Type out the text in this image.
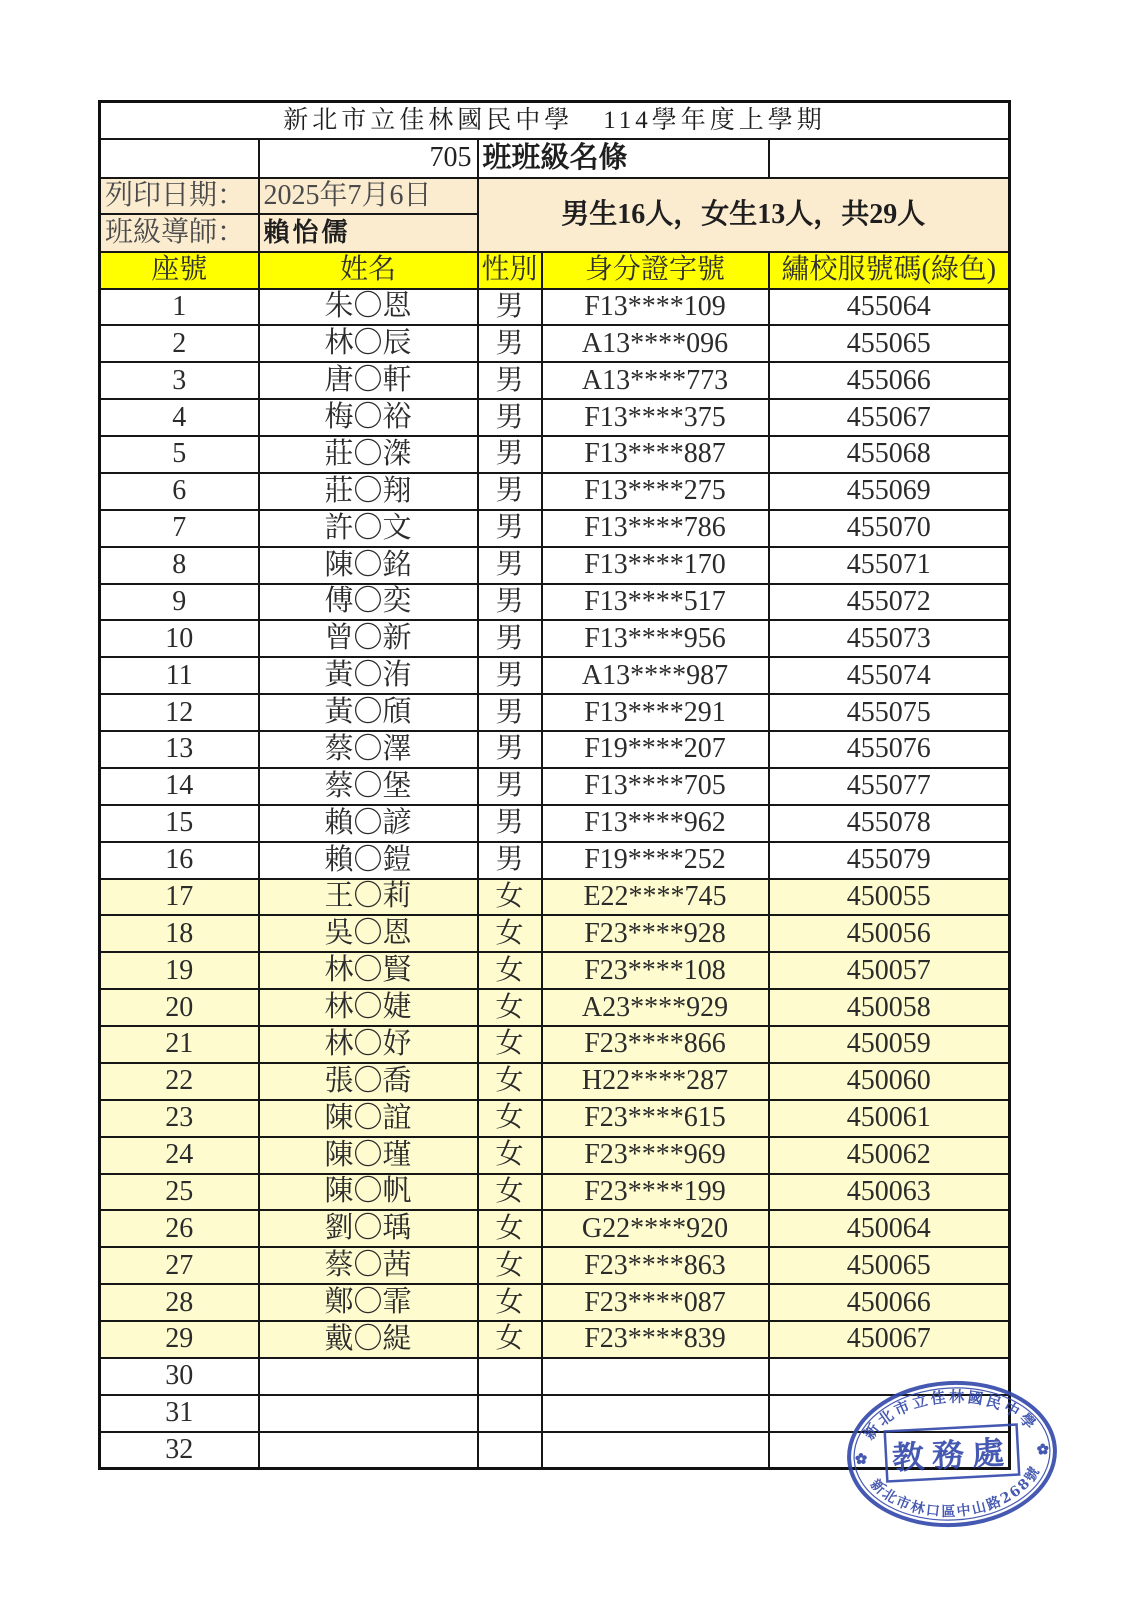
新北市立佳林國民中學 114學年度上學期				
	705	班班級名條		
列印日期：	2025年7月6日	男生16人，女生13人，共29人		
班級導師：	賴怡儒			
座號	姓名	性別	身分證字號	繡校服號碼(綠色)
1	朱〇恩	男	F13****109	455064
2	林〇辰	男	A13****096	455065
3	唐〇軒	男	A13****773	455066
4	梅〇裕	男	F13****375	455067
5	莊〇滐	男	F13****887	455068
6	莊〇翔	男	F13****275	455069
7	許〇文	男	F13****786	455070
8	陳〇銘	男	F13****170	455071
9	傅〇奕	男	F13****517	455072
10	曾〇新	男	F13****956	455073
11	黃〇洧	男	A13****987	455074
12	黃〇頎	男	F13****291	455075
13	蔡〇澤	男	F19****207	455076
14	蔡〇堡	男	F13****705	455077
15	賴〇諺	男	F13****962	455078
16	賴〇鎧	男	F19****252	455079
17	王〇莉	女	E22****745	450055
18	吳〇恩	女	F23****928	450056
19	林〇賢	女	F23****108	450057
20	林〇婕	女	A23****929	450058
21	林〇妤	女	F23****866	450059
22	張〇喬	女	H22****287	450060
23	陳〇誼	女	F23****615	450061
24	陳〇瑾	女	F23****969	450062
25	陳〇帆	女	F23****199	450063
26	劉〇瑀	女	G22****920	450064
27	蔡〇茜	女	F23****863	450065
28	鄭〇霏	女	F23****087	450066
29	戴〇緹	女	F23****839	450067
30				
31				
32				
新北市立佳林國民中學
新北市林口區中山路268號
教務處
